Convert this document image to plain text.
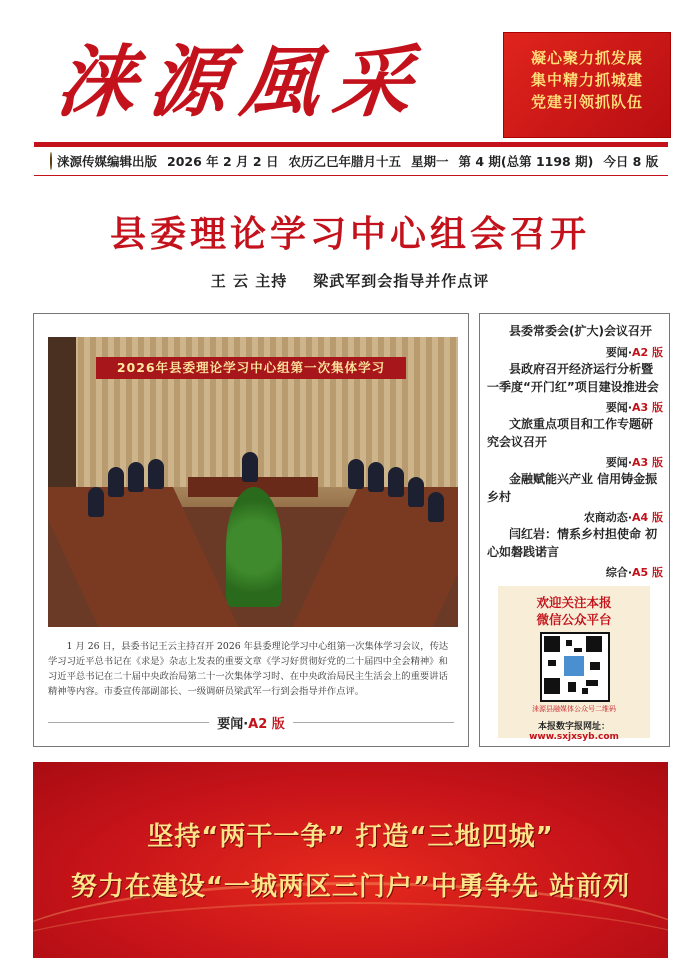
涞源風采	凝心聚力抓发展
集中精力抓城建
党建引领抓队伍
涞源传媒编辑出版 2026 年 2 月 2 日 农历乙巳年腊月十五 星期一 第 4 期(总第 1198 期) 今日 8 版
县委理论学习中心组会召开
王 云 主持 梁武军到会指导并作点评
2026年县委理论学习中心组第一次集体学习
1 月 26 日，县委书记王云主持召开 2026 年县委理论学习中心组第一次集体学习会议，传达学习习近平总书记在《求是》杂志上发表的重要文章《学习好贯彻好党的二十届四中全会精神》和习近平总书记在二十届中央政治局第二十一次集体学习时、在中央政治局民主生活会上的重要讲话精神等内容。市委宣传部副部长、一级调研员梁武军一行到会指导并作点评。
要闻·A2 版
县委常委会(扩大)会议召开
要闻·A2 版
县政府召开经济运行分析暨一季度“开门红”项目建设推进会
要闻·A3 版
文旅重点项目和工作专题研究会议召开
要闻·A3 版
金融赋能兴产业 信用铸金振乡村
农商动态·A4 版
闫红岩：情系乡村担使命 初心如磐践诺言
综合·A5 版
欢迎关注本报
微信公众平台
涞源县融媒体公众号二维码
本报数字报网址：www.sxjxsyb.com
坚持“两干一争” 打造“三地四城”
努力在建设“一城两区三门户”中勇争先 站前列
